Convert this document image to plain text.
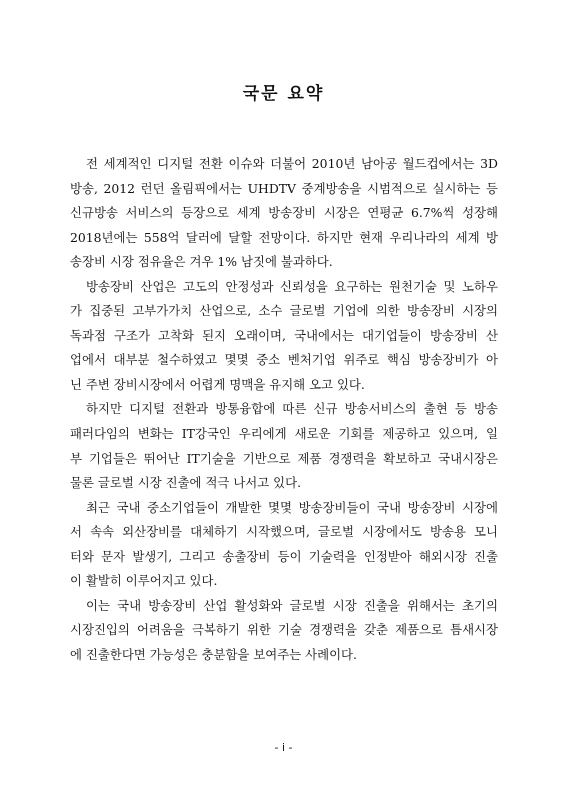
국문 요약

전 세계적인 디지털 전환 이슈와 더불어 2010년 남아공 월드컵에서는 3D
방송, 2012 런던 올림픽에서는 UHDTV 중계방송을 시범적으로 실시하는 등
신규방송 서비스의 등장으로 세계 방송장비 시장은 연평균 6.7%씩 성장해
2018년에는 558억 달러에 달할 전망이다. 하지만 현재 우리나라의 세계 방
송장비 시장 점유율은 겨우 1% 남짓에 불과하다.

방송장비 산업은 고도의 안정성과 신뢰성을 요구하는 원천기술 및 노하우
가 집중된 고부가가치 산업으로, 소수 글로벌 기업에 의한 방송장비 시장의
독과점 구조가 고착화 된지 오래이며, 국내에서는 대기업들이 방송장비 산
업에서 대부분 철수하였고 몇몇 중소 벤처기업 위주로 핵심 방송장비가 아
닌 주변 장비시장에서 어렵게 명맥을 유지해 오고 있다.

하지만 디지털 전환과 방통융합에 따른 신규 방송서비스의 출현 등 방송
패러다임의 변화는 IT강국인 우리에게 새로운 기회를 제공하고 있으며, 일
부 기업들은 뛰어난 IT기술을 기반으로 제품 경쟁력을 확보하고 국내시장은
물론 글로벌 시장 진출에 적극 나서고 있다.

최근 국내 중소기업들이 개발한 몇몇 방송장비들이 국내 방송장비 시장에
서 속속 외산장비를 대체하기 시작했으며, 글로벌 시장에서도 방송용 모니
터와 문자 발생기, 그리고 송출장비 등이 기술력을 인정받아 해외시장 진출
이 활발히 이루어지고 있다.

이는 국내 방송장비 산업 활성화와 글로벌 시장 진출을 위해서는 초기의
시장진입의 어려움을 극복하기 위한 기술 경쟁력을 갖춘 제품으로 틈새시장
에 진출한다면 가능성은 충분함을 보여주는 사례이다.

- i -
